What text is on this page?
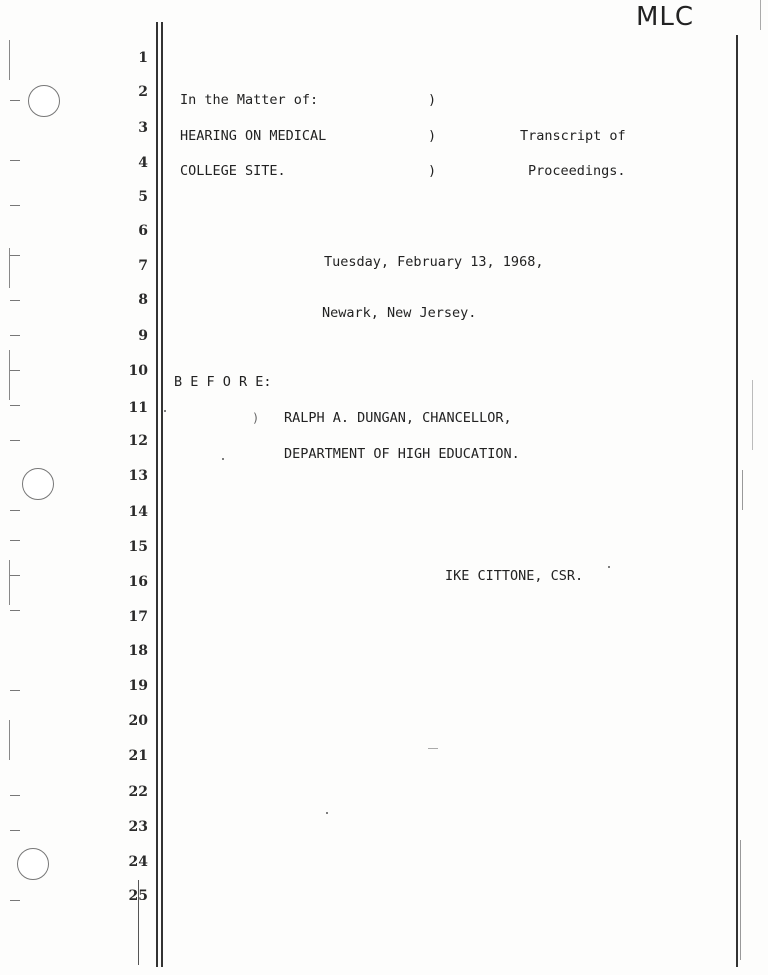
MLC
1
2
3
4
5
6
7
8
9
10
11
12
13
14
15
16
17
18
19
20
21
22
23
24
25
In the Matter of:	)
HEARING ON MEDICAL	)	Transcript of
COLLEGE SITE.	)	Proceedings.
Tuesday, February 13, 1968,
Newark, New Jersey.
B E F O R E:
) RALPH A. DUNGAN, CHANCELLOR,
DEPARTMENT OF HIGH EDUCATION.
IKE CITTONE, CSR.
